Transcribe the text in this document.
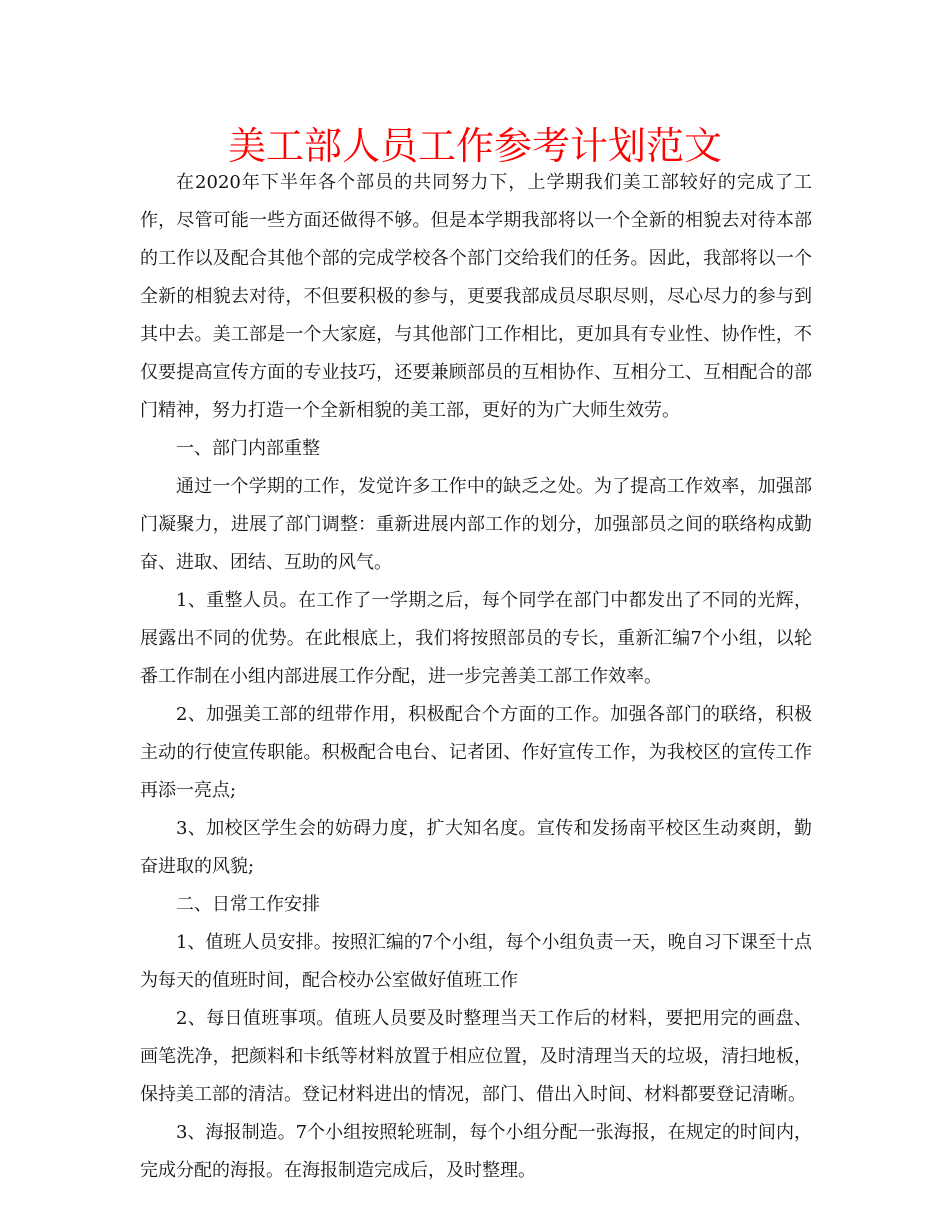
美工部人员工作参考计划范文

在2020年下半年各个部员的共同努力下，上学期我们美工部较好的完成了工作，尽管可能一些方面还做得不够。但是本学期我部将以一个全新的相貌去对待本部的工作以及配合其他个部的完成学校各个部门交给我们的任务。因此，我部将以一个全新的相貌去对待，不但要积极的参与，更要我部成员尽职尽则，尽心尽力的参与到其中去。美工部是一个大家庭，与其他部门工作相比，更加具有专业性、协作性，不仅要提高宣传方面的专业技巧，还要兼顾部员的互相协作、互相分工、互相配合的部门精神，努力打造一个全新相貌的美工部，更好的为广大师生效劳。

一、部门内部重整

通过一个学期的工作，发觉许多工作中的缺乏之处。为了提高工作效率，加强部门凝聚力，进展了部门调整：重新进展内部工作的划分，加强部员之间的联络构成勤奋、进取、团结、互助的风气。

1、重整人员。在工作了一学期之后，每个同学在部门中都发出了不同的光辉，展露出不同的优势。在此根底上，我们将按照部员的专长，重新汇编7个小组，以轮番工作制在小组内部进展工作分配，进一步完善美工部工作效率。

2、加强美工部的纽带作用，积极配合个方面的工作。加强各部门的联络，积极主动的行使宣传职能。积极配合电台、记者团、作好宣传工作，为我校区的宣传工作再添一亮点;

3、加校区学生会的妨碍力度，扩大知名度。宣传和发扬南平校区生动爽朗，勤奋进取的风貌;

二、日常工作安排

1、值班人员安排。按照汇编的7个小组，每个小组负责一天，晚自习下课至十点为每天的值班时间，配合校办公室做好值班工作

2、每日值班事项。值班人员要及时整理当天工作后的材料，要把用完的画盘、画笔洗净，把颜料和卡纸等材料放置于相应位置，及时清理当天的垃圾，清扫地板，保持美工部的清洁。登记材料进出的情况，部门、借出入时间、材料都要登记清晰。

3、海报制造。7个小组按照轮班制，每个小组分配一张海报，在规定的时间内，完成分配的海报。在海报制造完成后，及时整理。
